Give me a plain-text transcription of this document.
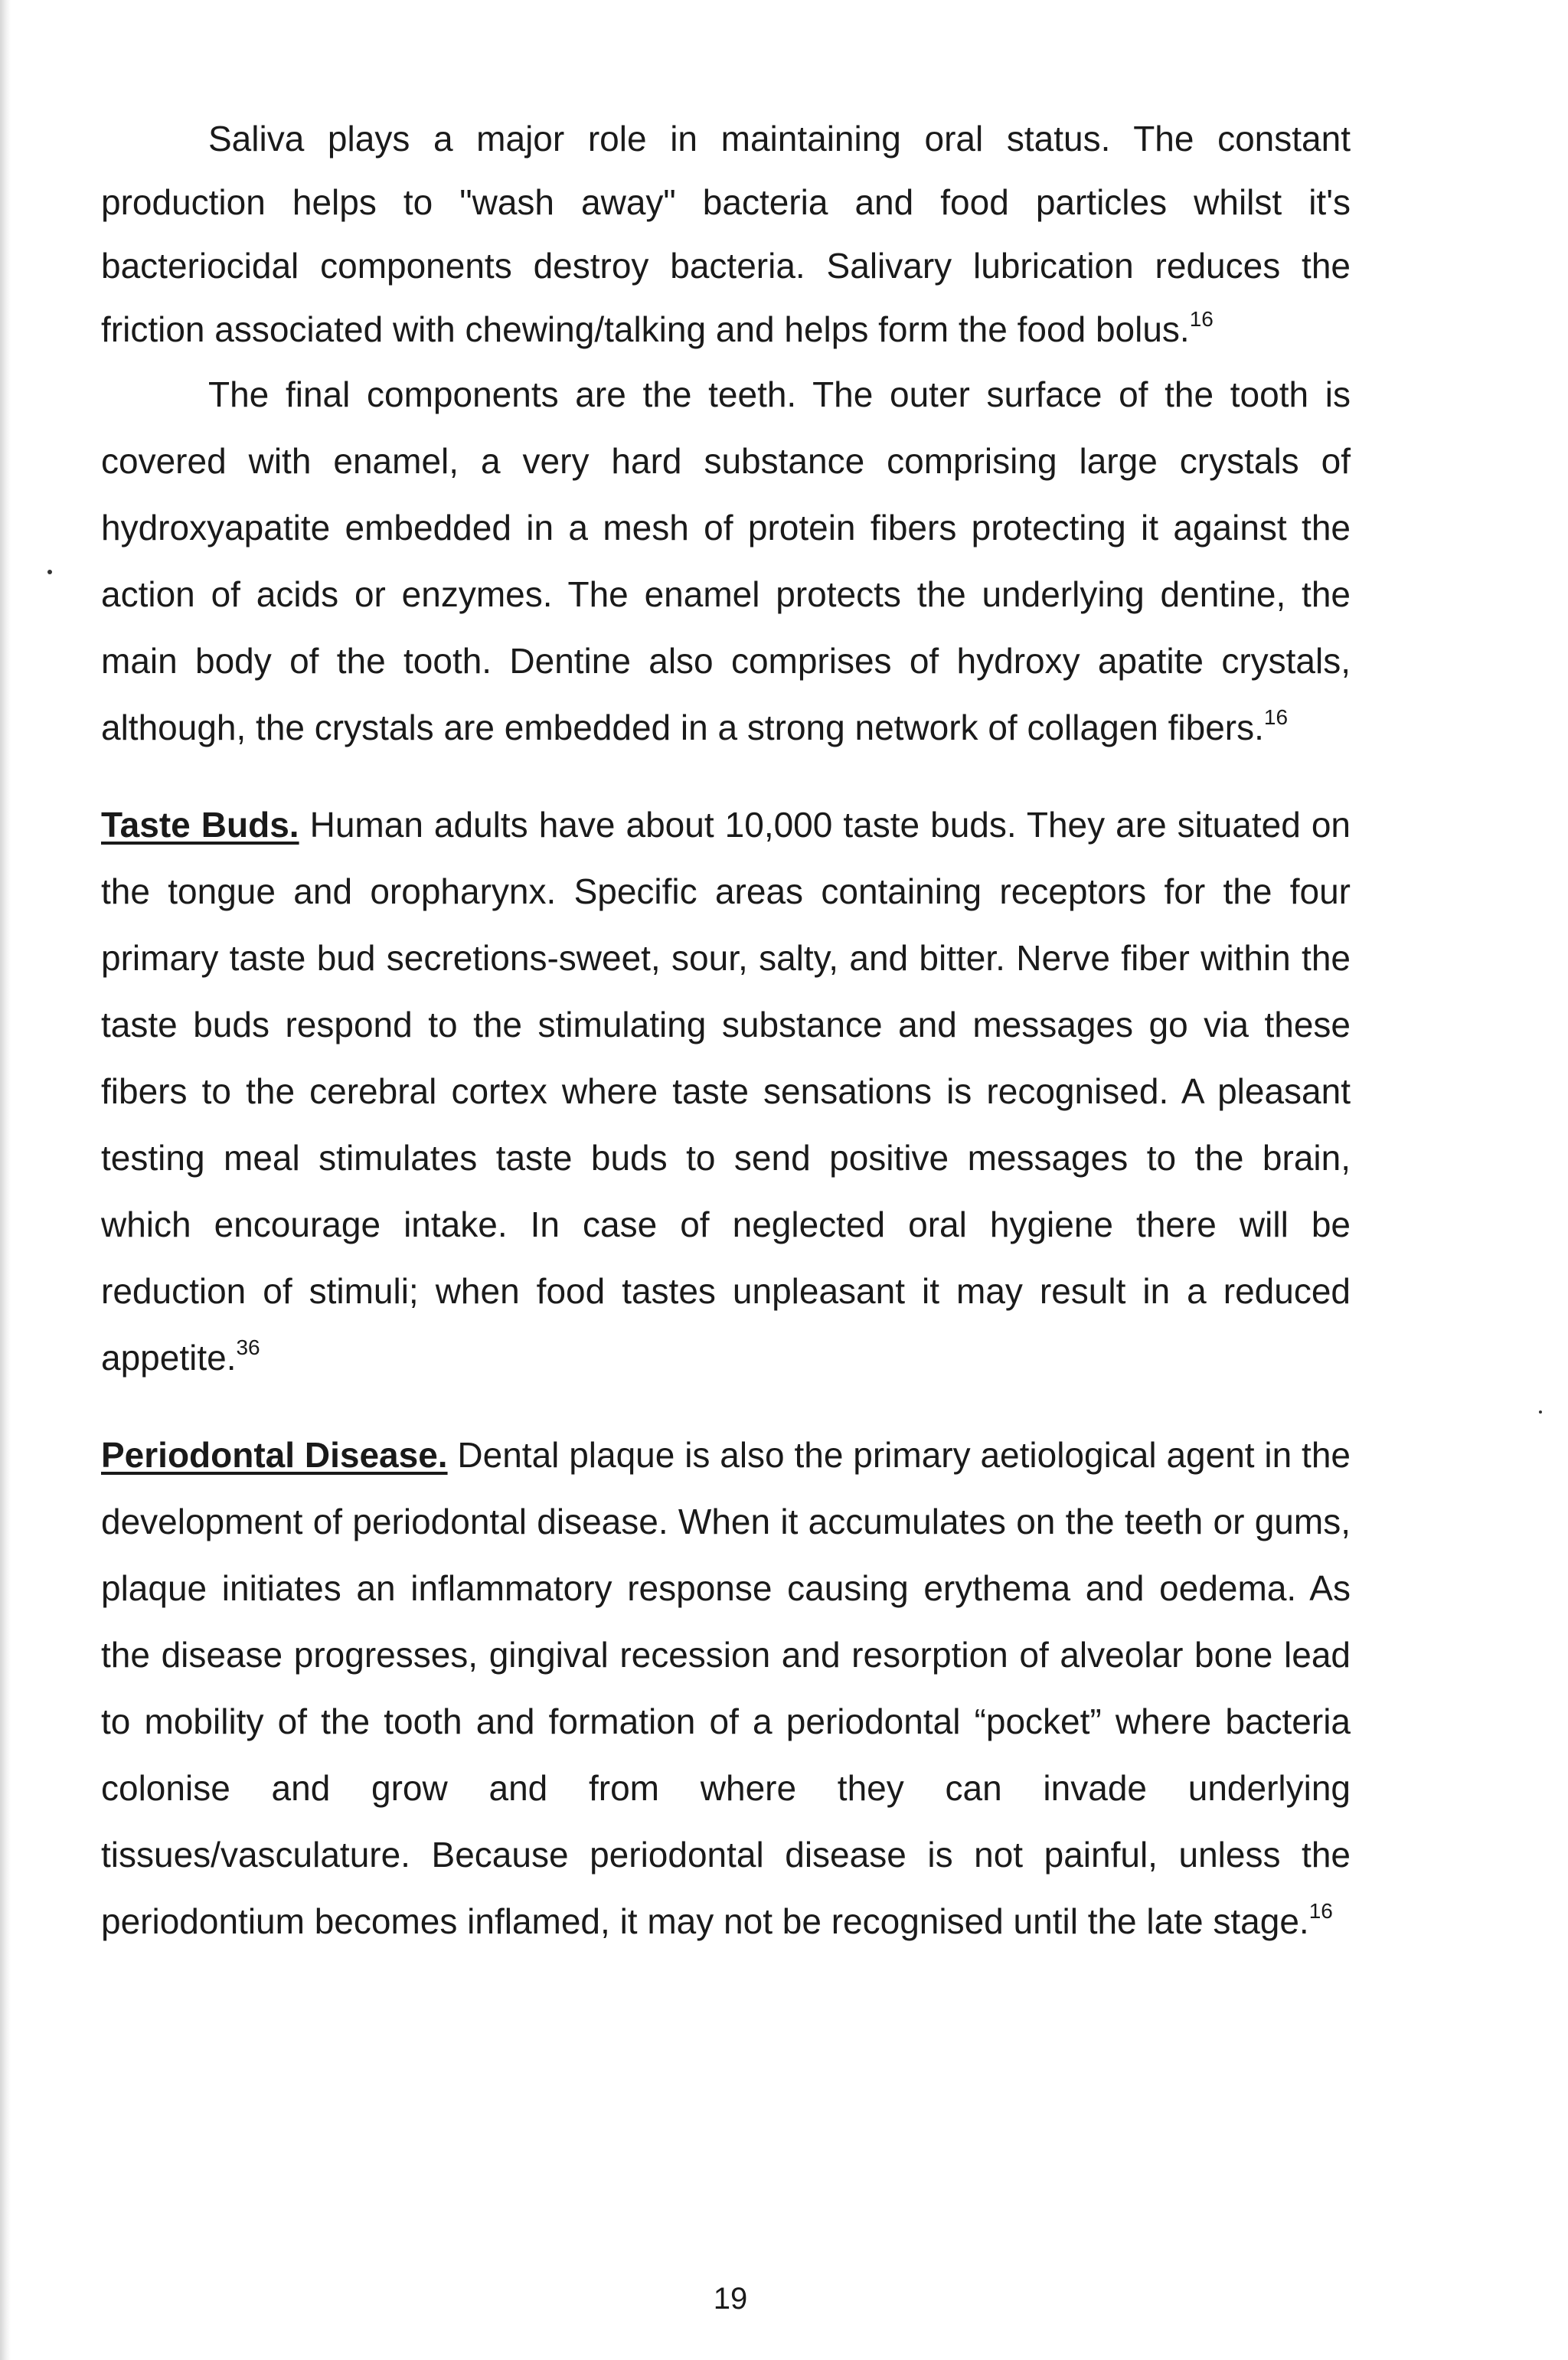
Saliva plays a major role in maintaining oral status. The constant production helps to "wash away" bacteria and food particles whilst it's bacteriocidal components destroy bacteria. Salivary lubrication reduces the friction associated with chewing/talking and helps form the food bolus.$^{16}$

The final components are the teeth. The outer surface of the tooth is covered with enamel, a very hard substance comprising large crystals of hydroxyapatite embedded in a mesh of protein fibers protecting it against the action of acids or enzymes. The enamel protects the underlying dentine, the main body of the tooth. Dentine also comprises of hydroxy apatite crystals, although, the crystals are embedded in a strong network of collagen fibers.$^{16}$

Taste Buds. Human adults have about 10,000 taste buds. They are situated on the tongue and oropharynx. Specific areas containing receptors for the four primary taste bud secretions-sweet, sour, salty, and bitter. Nerve fiber within the taste buds respond to the stimulating substance and messages go via these fibers to the cerebral cortex where taste sensations is recognised. A pleasant testing meal stimulates taste buds to send positive messages to the brain, which encourage intake. In case of neglected oral hygiene there will be reduction of stimuli; when food tastes unpleasant it may result in a reduced appetite.$^{36}$

Periodontal Disease. Dental plaque is also the primary aetiological agent in the development of periodontal disease. When it accumulates on the teeth or gums, plaque initiates an inflammatory response causing erythema and oedema. As the disease progresses, gingival recession and resorption of alveolar bone lead to mobility of the tooth and formation of a periodontal “pocket” where bacteria colonise and grow and from where they can invade underlying tissues/vasculature. Because periodontal disease is not painful, unless the periodontium becomes inflamed, it may not be recognised until the late stage.$^{16}$

19
